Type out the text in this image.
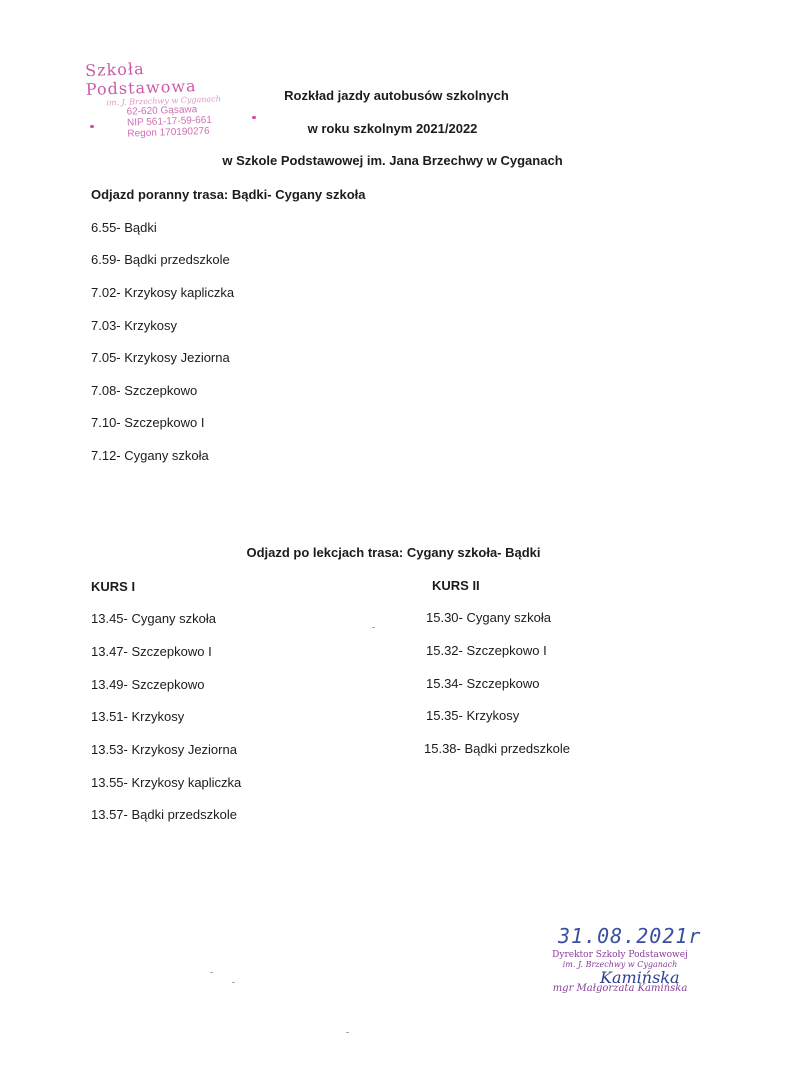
Szkoła Podstawowa
im. J. Brzechwy w Cyganach
62-620 Gąsawa
NIP 561-17-59-661
Regon 170190276
Rozkład jazdy autobusów szkolnych
w roku szkolnym 2021/2022
w Szkole Podstawowej im. Jana Brzechwy w Cyganach
Odjazd poranny trasa: Bądki- Cygany szkoła
6.55- Bądki
6.59- Bądki przedszkole
7.02- Krzykosy kapliczka
7.03- Krzykosy
7.05- Krzykosy Jeziorna
7.08- Szczepkowo
7.10- Szczepkowo I
7.12- Cygany szkoła
Odjazd po lekcjach trasa: Cygany szkoła- Bądki
KURS I	KURS II
13.45- Cygany szkoła
13.47- Szczepkowo I
13.49- Szczepkowo
13.51- Krzykosy
13.53- Krzykosy Jeziorna
13.55- Krzykosy kapliczka
13.57- Bądki przedszkole
15.30- Cygany szkoła
15.32- Szczepkowo I
15.34- Szczepkowo
15.35- Krzykosy
15.38- Bądki przedszkole
31.08.2021r
Dyrektor Szkoły Podstawowej
im. J. Brzechwy w Cyganach
Kamińska
mgr Małgorzata Kamińska
